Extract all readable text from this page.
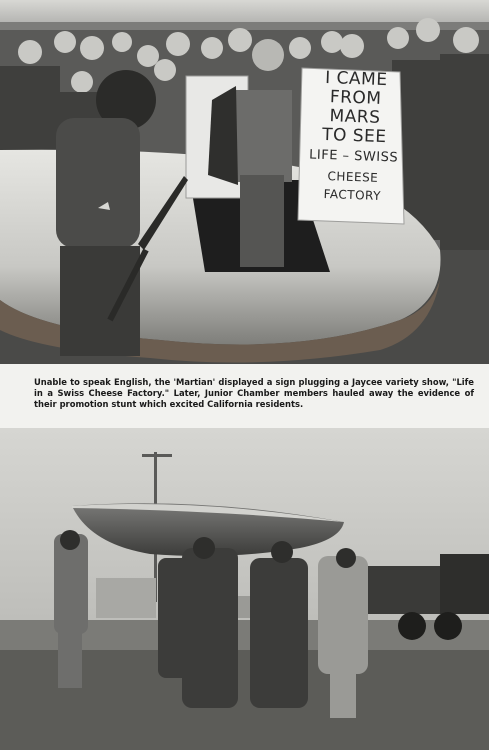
I CAME
FROM
MARS
TO SEE
LIFE – SWISS
CHEESE FACTORY
Unable to speak English, the 'Martian' displayed a sign plugging a Jaycee variety show, "Life in a Swiss Cheese Factory." Later, Junior Chamber members hauled away the evidence of their promotion stunt which excited California residents.
